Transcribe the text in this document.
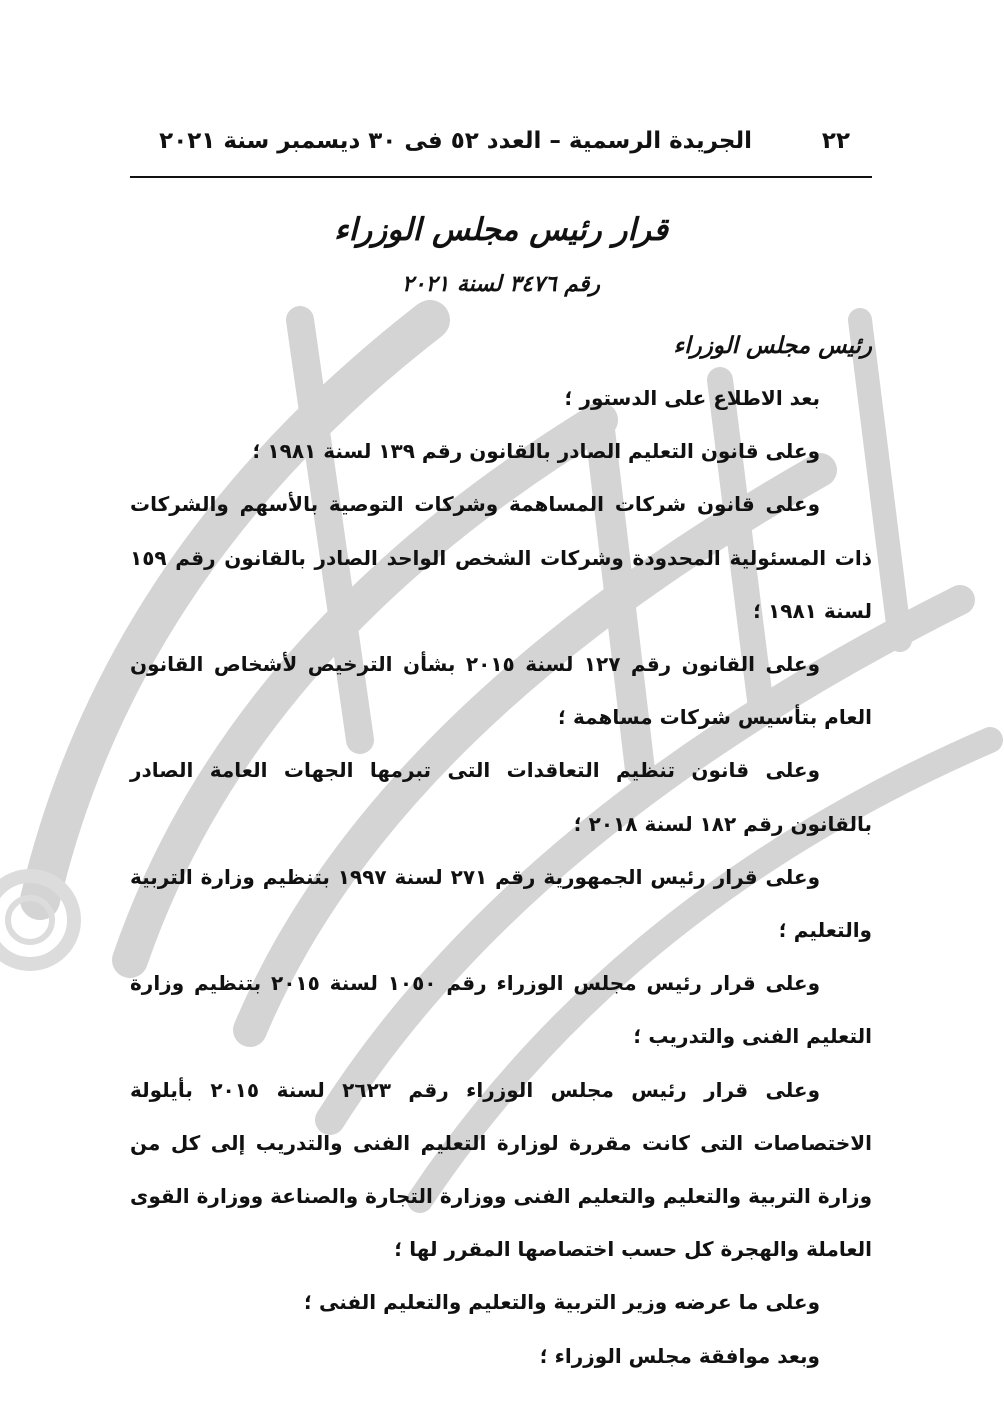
٢٢
الجريدة الرسمية – العدد ٥٢ فى ٣٠ ديسمبر سنة ٢٠٢١
قرار رئيس مجلس الوزراء
رقم ٣٤٧٦ لسنة ٢٠٢١
رئيس مجلس الوزراء

بعد الاطلاع على الدستور ؛

وعلى قانون التعليم الصادر بالقانون رقم ١٣٩ لسنة ١٩٨١ ؛

وعلى قانون شركات المساهمة وشركات التوصية بالأسهم والشركات ذات المسئولية المحدودة وشركات الشخص الواحد الصادر بالقانون رقم ١٥٩ لسنة ١٩٨١ ؛

وعلى القانون رقم ١٢٧ لسنة ٢٠١٥ بشأن الترخيص لأشخاص القانون العام بتأسيس شركات مساهمة ؛

وعلى قانون تنظيم التعاقدات التى تبرمها الجهات العامة الصادر بالقانون رقم ١٨٢ لسنة ٢٠١٨ ؛

وعلى قرار رئيس الجمهورية رقم ٢٧١ لسنة ١٩٩٧ بتنظيم وزارة التربية والتعليم ؛

وعلى قرار رئيس مجلس الوزراء رقم ١٠٥٠ لسنة ٢٠١٥ بتنظيم وزارة التعليم الفنى والتدريب ؛

وعلى قرار رئيس مجلس الوزراء رقم ٢٦٢٣ لسنة ٢٠١٥ بأيلولة الاختصاصات التى كانت مقررة لوزارة التعليم الفنى والتدريب إلى كل من وزارة التربية والتعليم والتعليم الفنى ووزارة التجارة والصناعة ووزارة القوى العاملة والهجرة كل حسب اختصاصها المقرر لها ؛

وعلى ما عرضه وزير التربية والتعليم والتعليم الفنى ؛

وبعد موافقة مجلس الوزراء ؛
